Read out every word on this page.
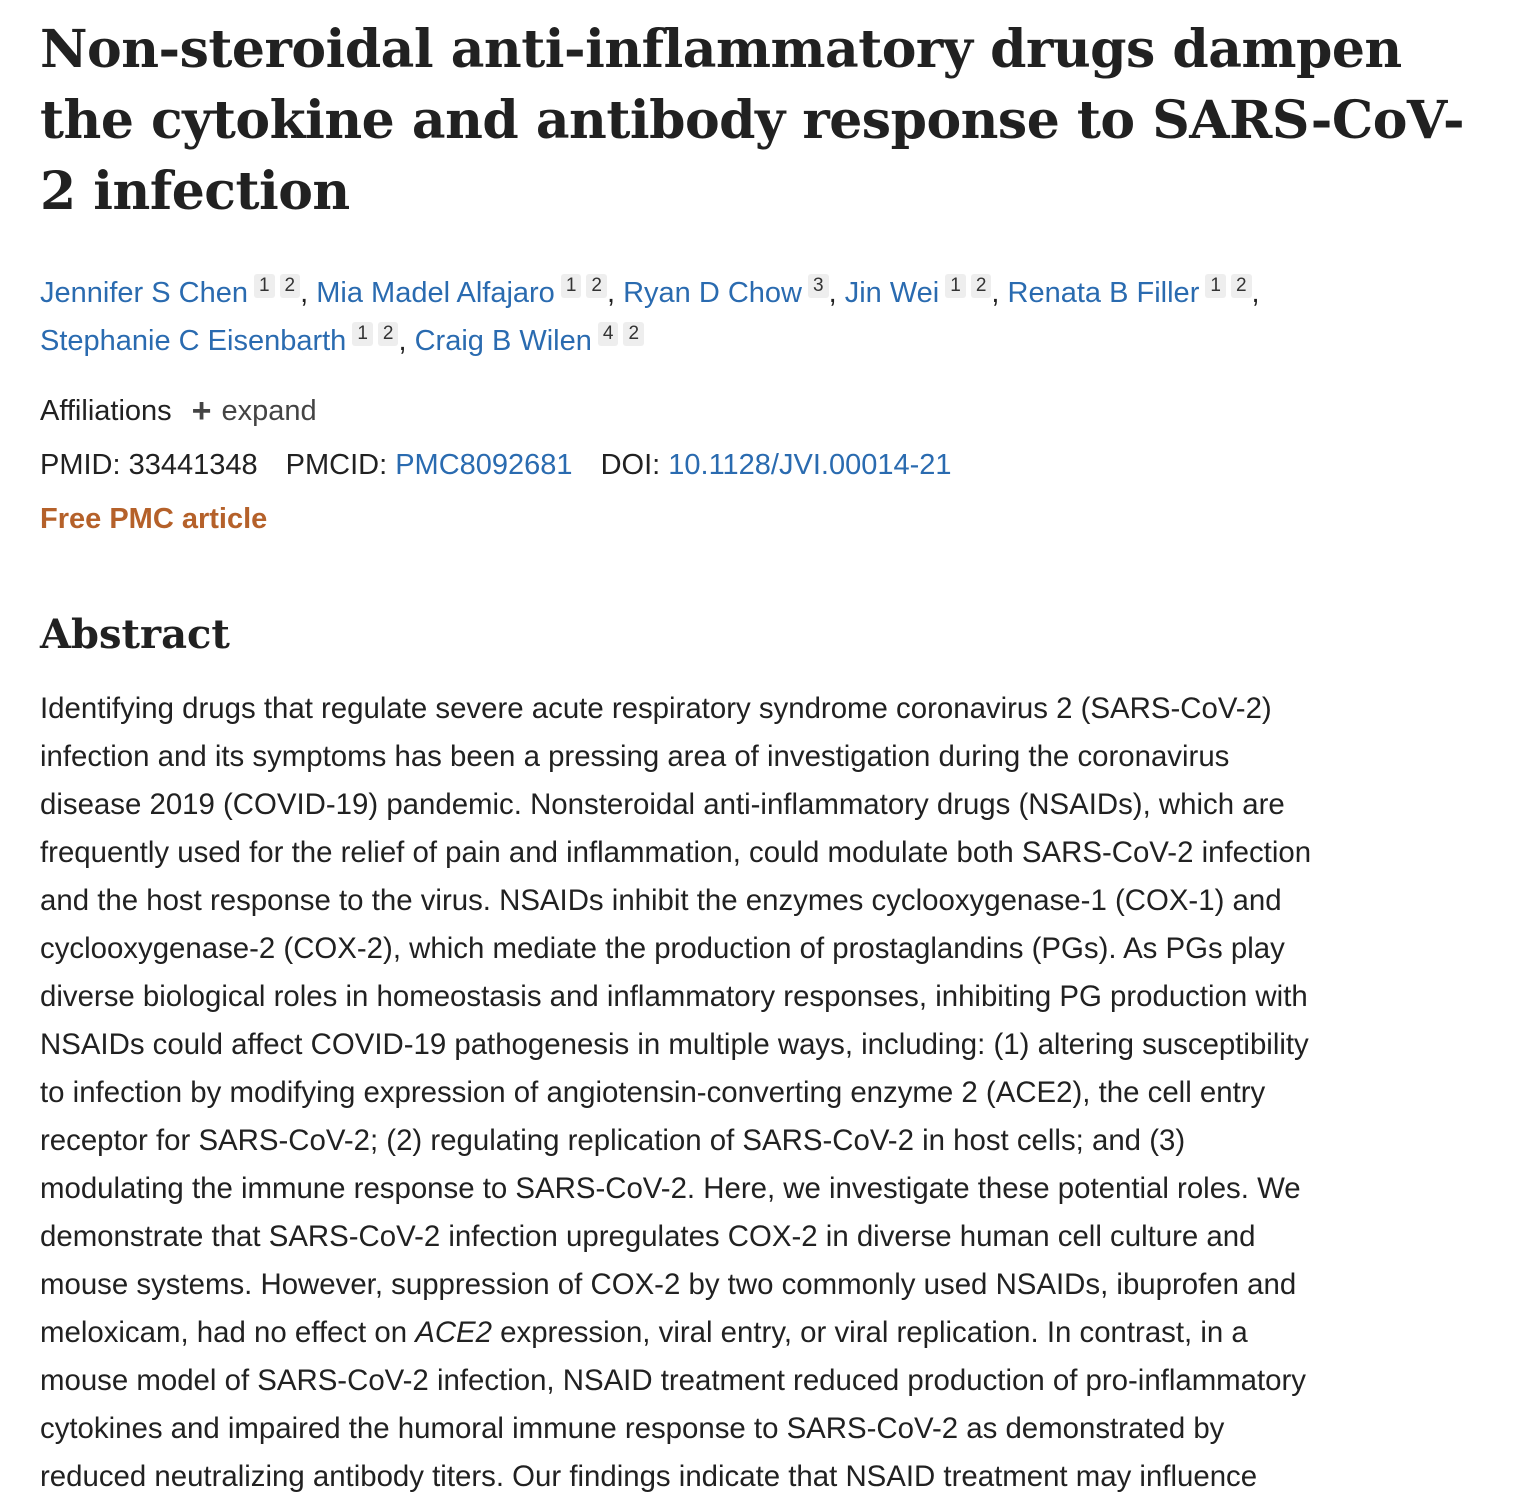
Non-steroidal anti-inflammatory drugs dampen the cytokine and antibody response to SARS-CoV-2 infection
Jennifer S Chen 1 2 , Mia Madel Alfajaro 1 2 , Ryan D Chow 3 , Jin Wei 1 2 , Renata B Filler 1 2 ,
Stephanie C Eisenbarth 1 2 , Craig B Wilen 4 2
Affiliations + expand
PMID: 33441348 PMCID: PMC8092681 DOI: 10.1128/JVI.00014-21
Free PMC article
Abstract
Identifying drugs that regulate severe acute respiratory syndrome coronavirus 2 (SARS-CoV-2)
infection and its symptoms has been a pressing area of investigation during the coronavirus
disease 2019 (COVID-19) pandemic. Nonsteroidal anti-inflammatory drugs (NSAIDs), which are
frequently used for the relief of pain and inflammation, could modulate both SARS-CoV-2 infection
and the host response to the virus. NSAIDs inhibit the enzymes cyclooxygenase-1 (COX-1) and
cyclooxygenase-2 (COX-2), which mediate the production of prostaglandins (PGs). As PGs play
diverse biological roles in homeostasis and inflammatory responses, inhibiting PG production with
NSAIDs could affect COVID-19 pathogenesis in multiple ways, including: (1) altering susceptibility
to infection by modifying expression of angiotensin-converting enzyme 2 (ACE2), the cell entry
receptor for SARS-CoV-2; (2) regulating replication of SARS-CoV-2 in host cells; and (3)
modulating the immune response to SARS-CoV-2. Here, we investigate these potential roles. We
demonstrate that SARS-CoV-2 infection upregulates COX-2 in diverse human cell culture and
mouse systems. However, suppression of COX-2 by two commonly used NSAIDs, ibuprofen and
meloxicam, had no effect on ACE2 expression, viral entry, or viral replication. In contrast, in a
mouse model of SARS-CoV-2 infection, NSAID treatment reduced production of pro-inflammatory
cytokines and impaired the humoral immune response to SARS-CoV-2 as demonstrated by
reduced neutralizing antibody titers. Our findings indicate that NSAID treatment may influence
